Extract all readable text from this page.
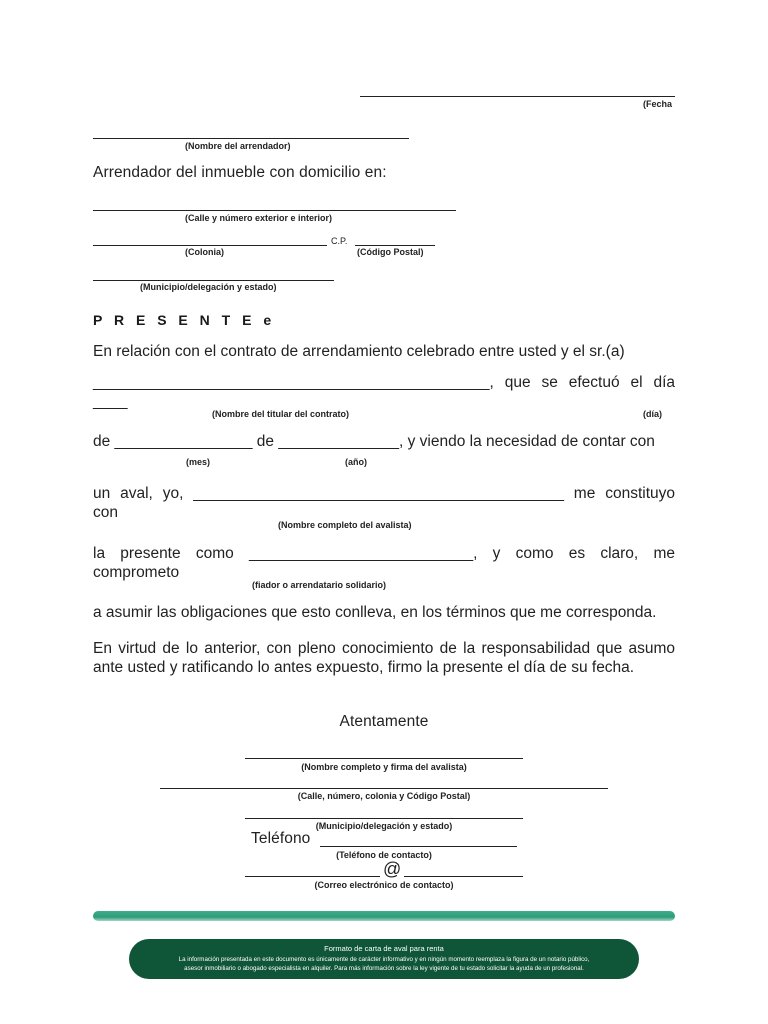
(Fecha
(Nombre del arrendador)
Arrendador del inmueble con domicilio en:
(Calle y número exterior e interior)
C.P.
(Colonia)	(Código Postal)
(Municipio/delegación y estado)
P R E S E N T E e
En relación con el contrato de arrendamiento celebrado entre usted y el sr.(a)
______________________________________________, que se efectuó el día ____
(Nombre del titular del contrato)	(día)
de ________________ de ______________, y viendo la necesidad de contar con
(mes)	(año)
un aval, yo, ___________________________________________ me constituyo con
(Nombre completo del avalista)
la presente como __________________________, y como es claro, me comprometo
(fiador o arrendatario solidario)
a asumir las obligaciones que esto conlleva, en los términos que me corresponda.
En virtud de lo anterior, con pleno conocimiento de la responsabilidad que asumo ante usted y ratificando lo antes expuesto, firmo la presente el día de su fecha.
Atentamente
(Nombre completo y firma del avalista)
(Calle, número, colonia y Código Postal)
(Municipio/delegación y estado)
Teléfono
(Teléfono de contacto)
@
(Correo electrónico de contacto)
Formato de carta de aval para renta
La información presentada en este documento es únicamente de carácter informativo y en ningún momento reemplaza la figura de un notario público,
asesor inmobiliario o abogado especialista en alquiler. Para más información sobre la ley vigente de tu estado solicitar la ayuda de un profesional.
